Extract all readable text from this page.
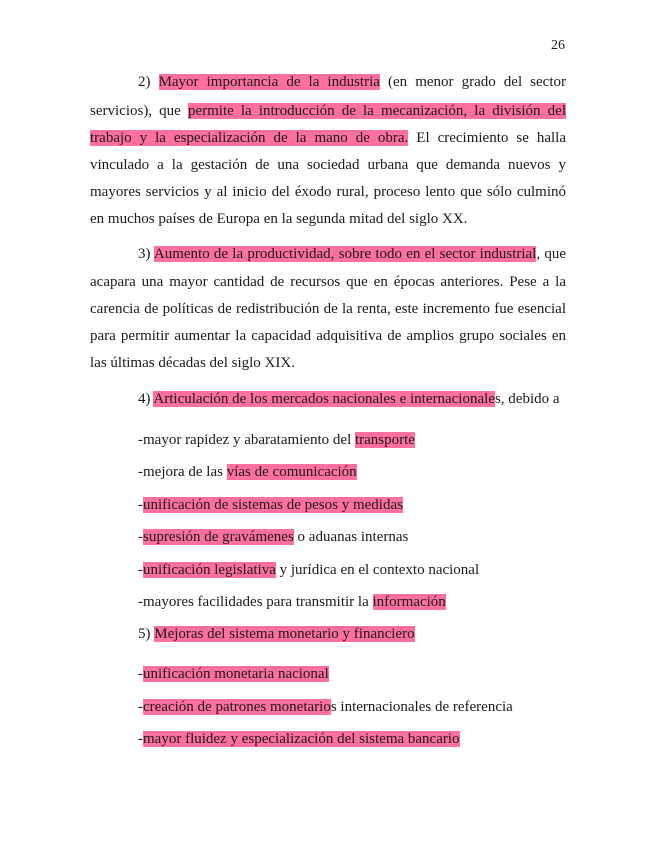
26
2) Mayor importancia de la industria (en menor grado del sector
servicios), que permite la introducción de la mecanización, la división del
trabajo y la especialización de la mano de obra. El crecimiento se halla
vinculado a la gestación de una sociedad urbana que demanda nuevos y
mayores servicios y al inicio del éxodo rural, proceso lento que sólo culminó
en muchos países de Europa en la segunda mitad del siglo XX.
3) Aumento de la productividad, sobre todo en el sector industrial, que
acapara una mayor cantidad de recursos que en épocas anteriores. Pese a la
carencia de políticas de redistribución de la renta, este incremento fue esencial
para permitir aumentar la capacidad adquisitiva de amplios grupo sociales en
las últimas décadas del siglo XIX.
4) Articulación de los mercados nacionales e internacionales, debido a
-mayor rapidez y abaratamiento del transporte
-mejora de las vías de comunicación
-unificación de sistemas de pesos y medidas
-supresión de gravámenes o aduanas internas
-unificación legislativa y jurídica en el contexto nacional
-mayores facilidades para transmitir la información
5) Mejoras del sistema monetario y financiero
-unificación monetaria nacional
-creación de patrones monetarios internacionales de referencia
-mayor fluidez y especialización del sistema bancario
